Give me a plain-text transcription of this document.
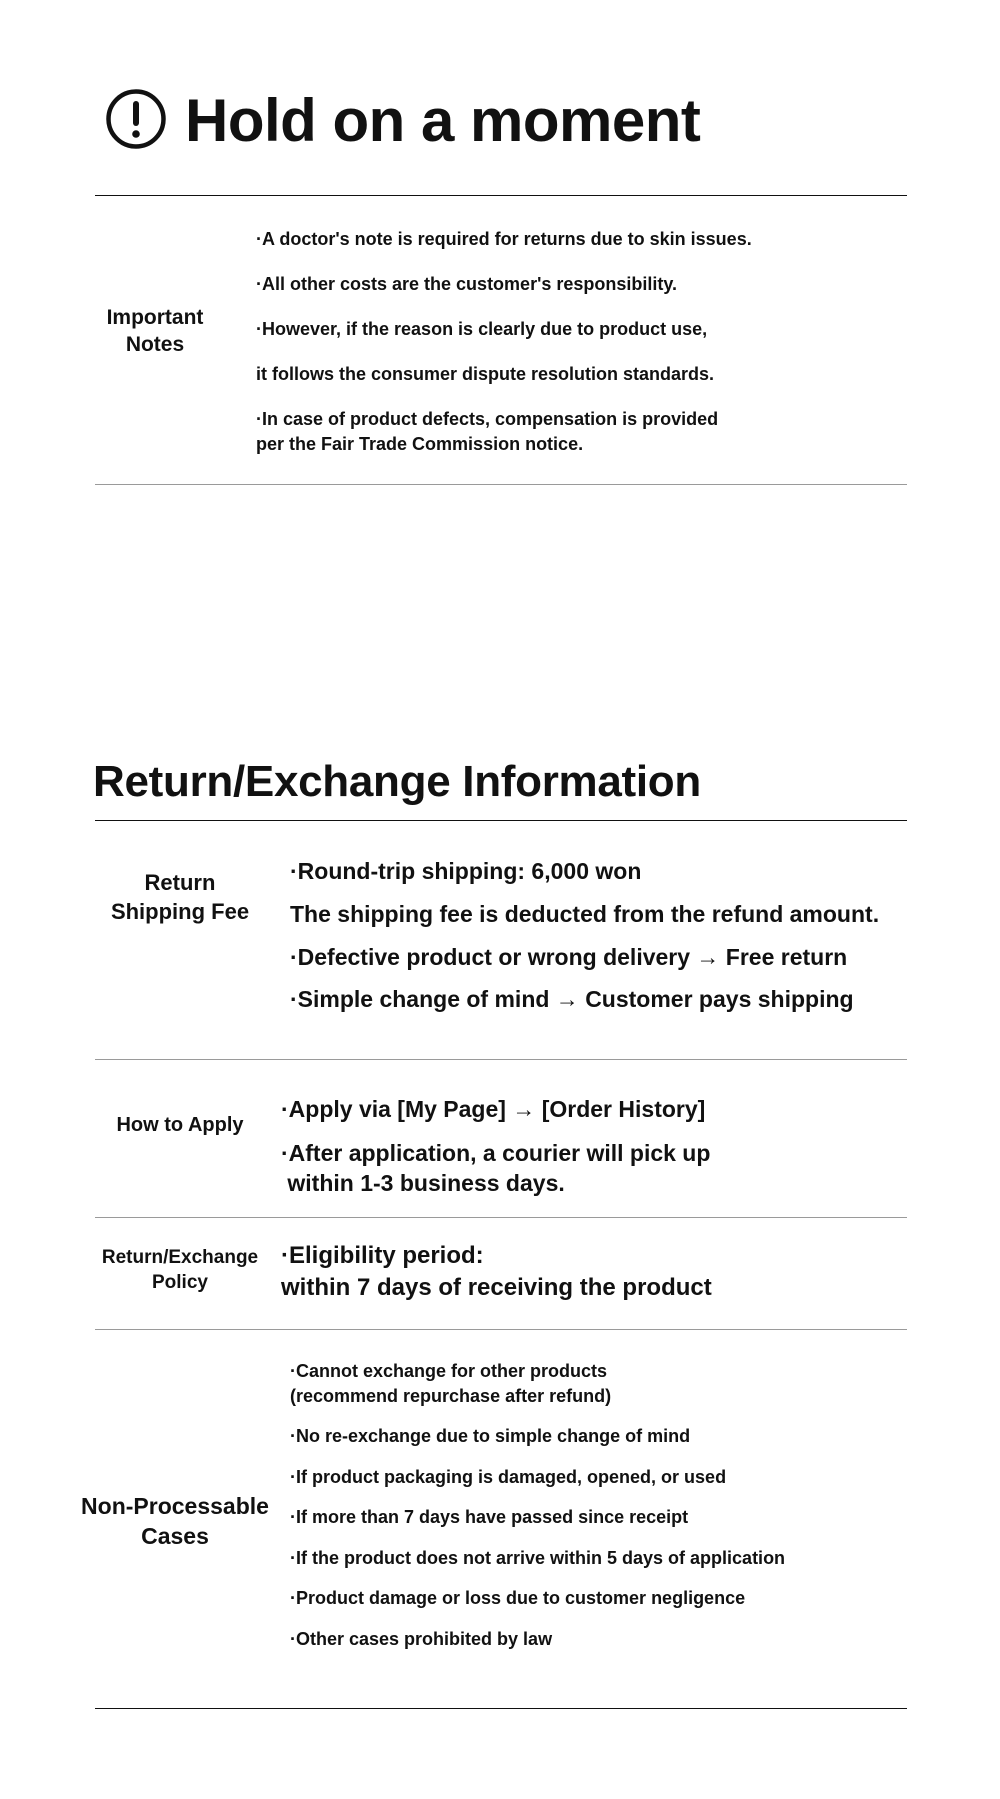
Hold on a moment
Important Notes
·A doctor's note is required for returns due to skin issues.
·All other costs are the customer's responsibility.
·However, if the reason is clearly due to product use,
it follows the consumer dispute resolution standards.
·In case of product defects, compensation is provided
per the Fair Trade Commission notice.
Return/Exchange Information
Return Shipping Fee
·Round-trip shipping: 6,000 won
The shipping fee is deducted from the refund amount.
·Defective product or wrong delivery → Free return
·Simple change of mind → Customer pays shipping
How to Apply
·Apply via [My Page] → [Order History]
·After application, a courier will pick up
within 1-3 business days.
Return/Exchange Policy
·Eligibility period:
within 7 days of receiving the product
Non-Processable Cases
·Cannot exchange for other products
(recommend repurchase after refund)
·No re-exchange due to simple change of mind
·If product packaging is damaged, opened, or used
·If more than 7 days have passed since receipt
·If the product does not arrive within 5 days of application
·Product damage or loss due to customer negligence
·Other cases prohibited by law
